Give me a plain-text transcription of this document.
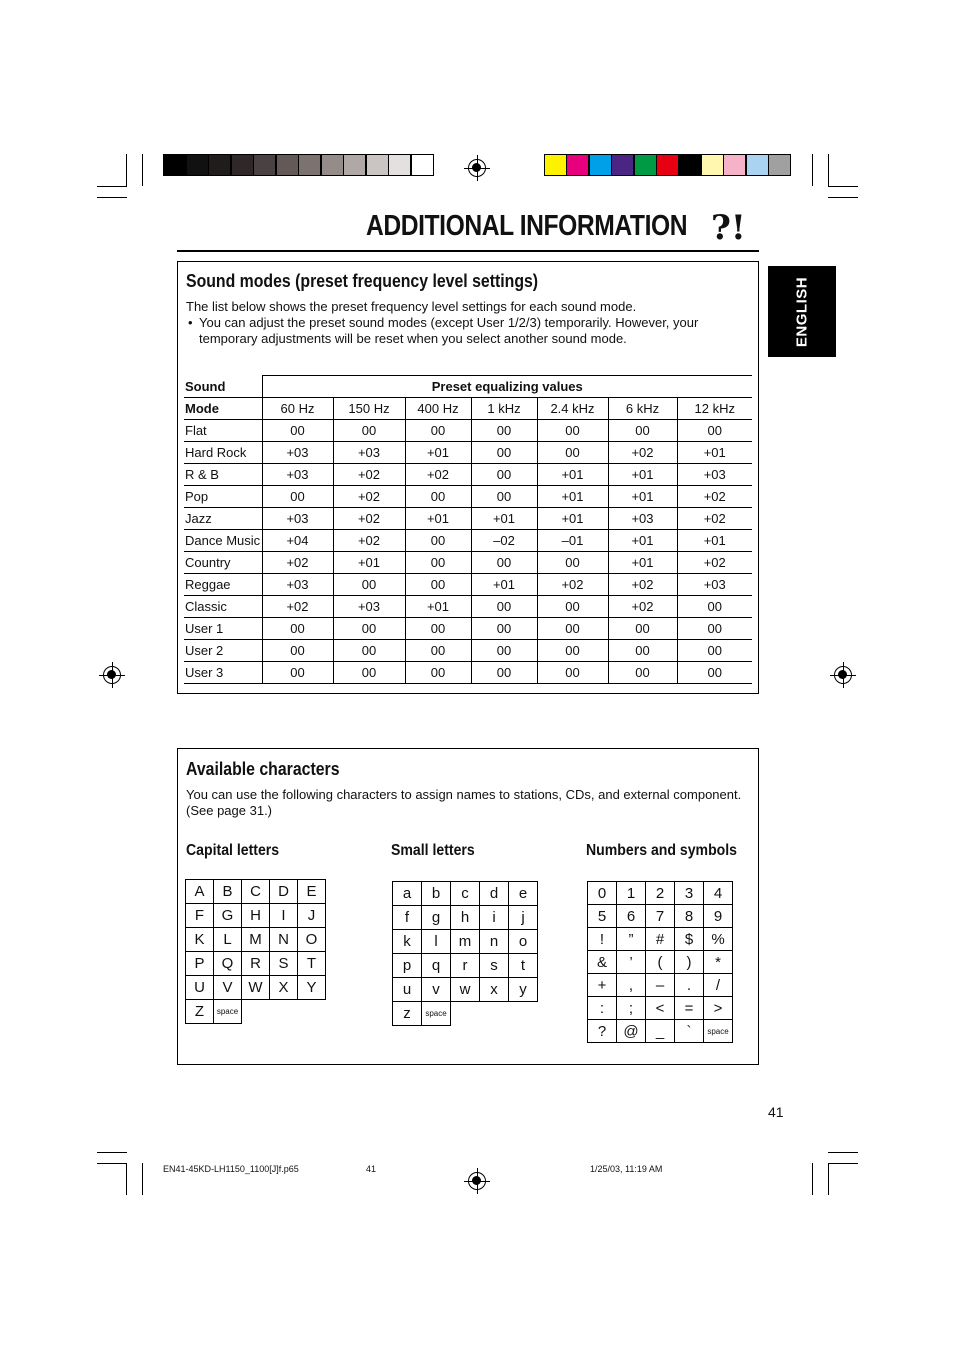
ADDITIONAL INFORMATION ?!
ENGLISH
Sound modes (preset frequency level settings)
The list below shows the preset frequency level settings for each sound mode.
• You can adjust the preset sound modes (except User 1/2/3) temporarily. However, your temporary adjustments will be reset when you select another sound mode.
Sound	Preset equalizing values						
Mode	60 Hz	150 Hz	400 Hz	1 kHz	2.4 kHz	6 kHz	12 kHz
Flat	00	00	00	00	00	00	00
Hard Rock	+03	+03	+01	00	00	+02	+01
R & B	+03	+02	+02	00	+01	+01	+03
Pop	00	+02	00	00	+01	+01	+02
Jazz	+03	+02	+01	+01	+01	+03	+02
Dance Music	+04	+02	00	–02	–01	+01	+01
Country	+02	+01	00	00	00	+01	+02
Reggae	+03	00	00	+01	+02	+02	+03
Classic	+02	+03	+01	00	00	+02	00
User 1	00	00	00	00	00	00	00
User 2	00	00	00	00	00	00	00
User 3	00	00	00	00	00	00	00
Available characters
You can use the following characters to assign names to stations, CDs, and external component. (See page 31.)
Capital letters	Small letters	Numbers and symbols
A	B	C	D	E
F	G	H	I	J
K	L	M	N	O
P	Q	R	S	T
U	V	W	X	Y
Z	space			
a	b	c	d	e
f	g	h	i	j
k	l	m	n	o
p	q	r	s	t
u	v	w	x	y
z	space			
0	1	2	3	4
5	6	7	8	9
!	”	#	$	%
&	’	(	)	*
+	,	–	.	/
:	;	<	=	>
?	@	_	`	space
41
EN41-45KD-LH1150_1100[J]f.p65	41	1/25/03, 11:19 AM
